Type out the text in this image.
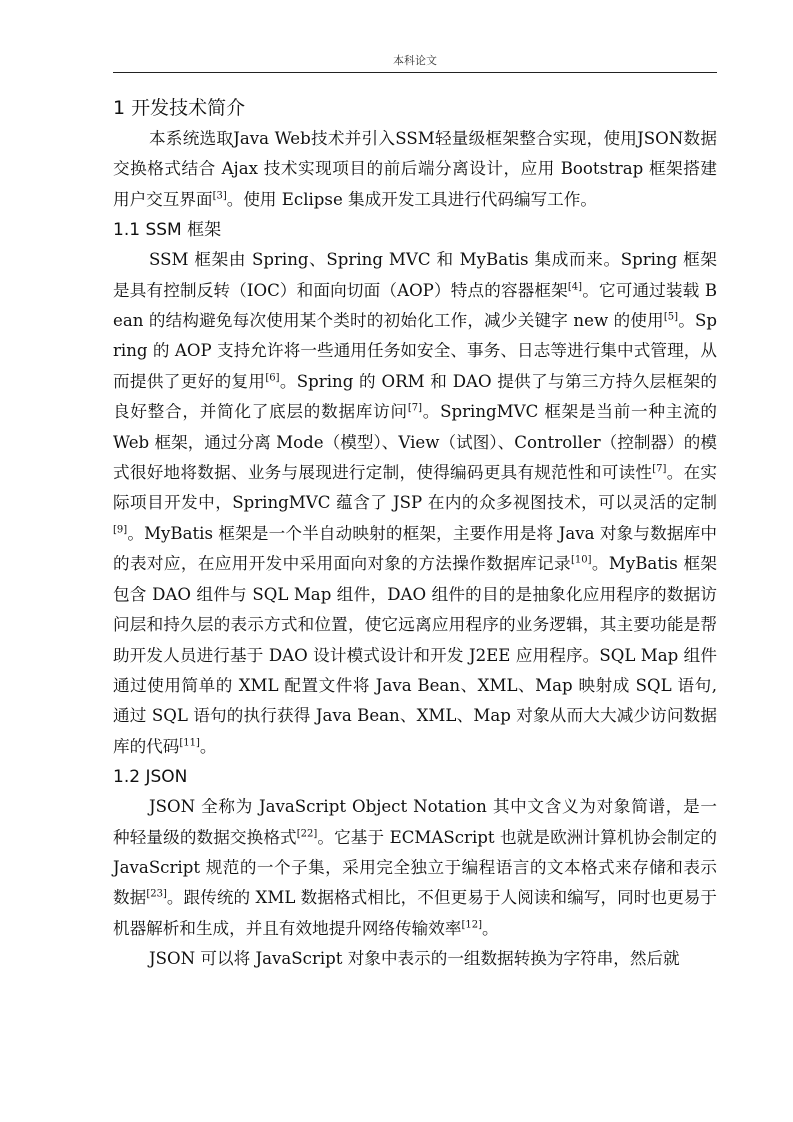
本科论文
1 开发技术简介

本系统选取Java Web技术并引入SSM轻量级框架整合实现，使用JSON数据交换格式结合 Ajax 技术实现项目的前后端分离设计，应用 Bootstrap 框架搭建用户交互界面[3]。使用 Eclipse 集成开发工具进行代码编写工作。

1.1 SSM 框架

SSM 框架由 Spring、Spring MVC 和 MyBatis 集成而来。Spring 框架是具有控制反转（IOC）和面向切面（AOP）特点的容器框架[4]。它可通过装载 Bean 的结构避免每次使用某个类时的初始化工作，减少关键字 new 的使用[5]。Spring 的 AOP 支持允许将一些通用任务如安全、事务、日志等进行集中式管理，从而提供了更好的复用[6]。Spring 的 ORM 和 DAO 提供了与第三方持久层框架的良好整合，并简化了底层的数据库访问[7]。SpringMVC 框架是当前一种主流的 Web 框架，通过分离 Mode（模型）、View（试图）、Controller（控制器）的模式很好地将数据、业务与展现进行定制，使得编码更具有规范性和可读性[7]。在实际项目开发中，SpringMVC 蕴含了 JSP 在内的众多视图技术，可以灵活的定制[9]。MyBatis 框架是一个半自动映射的框架，主要作用是将 Java 对象与数据库中的表对应，在应用开发中采用面向对象的方法操作数据库记录[10]。MyBatis 框架包含 DAO 组件与 SQL Map 组件，DAO 组件的目的是抽象化应用程序的数据访问层和持久层的表示方式和位置，使它远离应用程序的业务逻辑，其主要功能是帮助开发人员进行基于 DAO 设计模式设计和开发 J2EE 应用程序。SQL Map 组件通过使用简单的 XML 配置文件将 Java Bean、XML、Map 映射成 SQL 语句, 通过 SQL 语句的执行获得 Java Bean、XML、Map 对象从而大大减少访问数据库的代码[11]。

1.2 JSON

JSON 全称为 JavaScript Object Notation 其中文含义为对象简谱，是一种轻量级的数据交换格式[22]。它基于 ECMAScript 也就是欧洲计算机协会制定的 JavaScript 规范的一个子集，采用完全独立于编程语言的文本格式来存储和表示数据[23]。跟传统的 XML 数据格式相比，不但更易于人阅读和编写，同时也更易于机器解析和生成，并且有效地提升网络传输效率[12]。

JSON 可以将 JavaScript 对象中表示的一组数据转换为字符串，然后就
